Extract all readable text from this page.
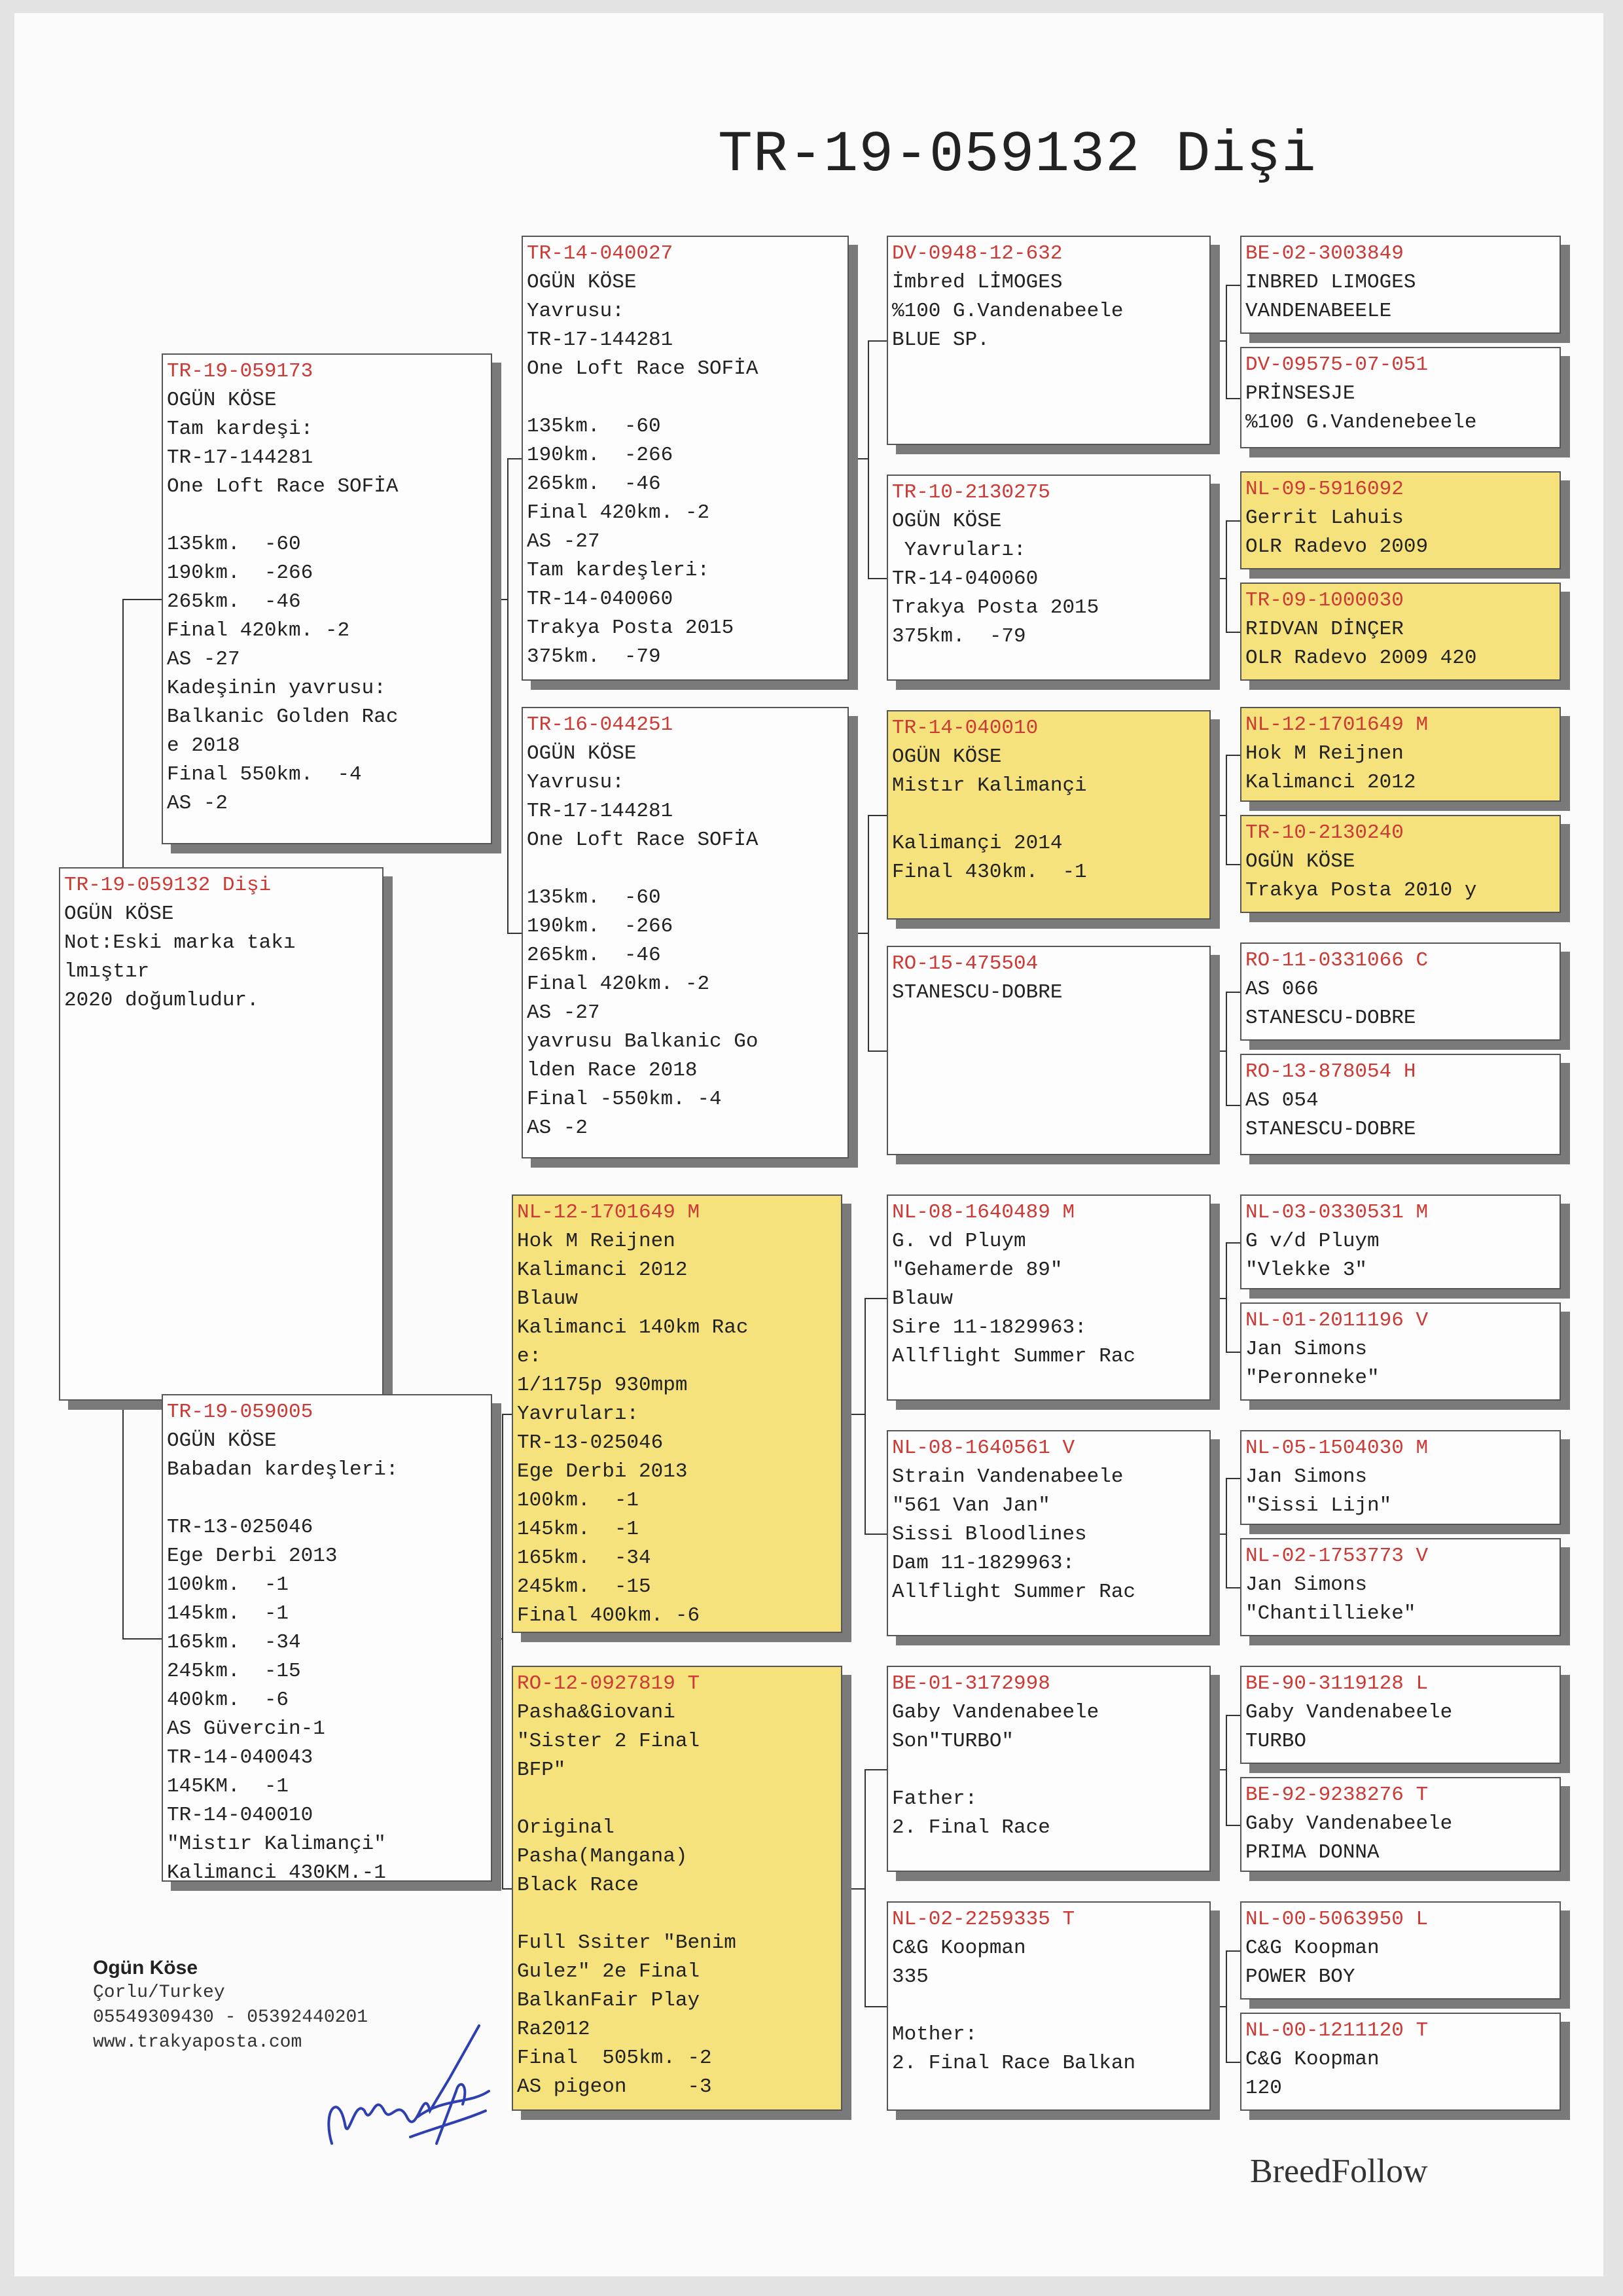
TR-19-059132 Dişi
TR-19-059132 Dişi
OGÜN KÖSE
Not:Eski marka takı
lmıştır
2020 doğumludur.
TR-19-059173
OGÜN KÖSE
Tam kardeşi:
TR-17-144281
One Loft Race SOFİA
135km.  -60
190km.  -266
265km.  -46
Final 420km. -2
AS -27
Kadeşinin yavrusu:
Balkanic Golden Rac
e 2018
Final 550km.  -4
AS -2
TR-19-059005
OGÜN KÖSE
Babadan kardeşleri:
TR-13-025046
Ege Derbi 2013
100km.  -1
145km.  -1
165km.  -34
245km.  -15
400km.  -6
AS Güvercin-1
TR-14-040043
145KM.  -1
TR-14-040010
"Mistır Kalimançi"
Kalimanci 430KM.-1
TR-14-040027
OGÜN KÖSE
Yavrusu:
TR-17-144281
One Loft Race SOFİA
135km.  -60
190km.  -266
265km.  -46
Final 420km. -2
AS -27
Tam kardeşleri:
TR-14-040060
Trakya Posta 2015
375km.  -79
TR-16-044251
OGÜN KÖSE
Yavrusu:
TR-17-144281
One Loft Race SOFİA
135km.  -60
190km.  -266
265km.  -46
Final 420km. -2
AS -27
yavrusu Balkanic Go
lden Race 2018
Final -550km. -4
AS -2
NL-12-1701649 M
Hok M Reijnen
Kalimanci 2012
Blauw
Kalimanci 140km Rac
e:
1/1175p 930mpm
Yavruları:
TR-13-025046
Ege Derbi 2013
100km.  -1
145km.  -1
165km.  -34
245km.  -15
Final 400km. -6
RO-12-0927819 T
Pasha&Giovani
"Sister 2 Final
BFP"
Original
Pasha(Mangana)
Black Race
Full Ssiter "Benim
Gulez" 2e Final
BalkanFair Play
Ra2012
Final  505km. -2
AS pigeon     -3
DV-0948-12-632
İmbred LİMOGES
%100 G.Vandenabeele
BLUE SP.
TR-10-2130275
OGÜN KÖSE
Yavruları:
TR-14-040060
Trakya Posta 2015
375km.  -79
TR-14-040010
OGÜN KÖSE
Mistır Kalimançi
Kalimançi 2014
Final 430km.  -1
RO-15-475504
STANESCU-DOBRE
NL-08-1640489 M
G. vd Pluym
"Gehamerde 89"
Blauw
Sire 11-1829963:
Allflight Summer Rac
NL-08-1640561 V
Strain Vandenabeele
"561 Van Jan"
Sissi Bloodlines
Dam 11-1829963:
Allflight Summer Rac
BE-01-3172998
Gaby Vandenabeele
Son"TURBO"
Father:
2. Final Race
NL-02-2259335 T
C&G Koopman
335
Mother:
2. Final Race Balkan
BE-02-3003849
INBRED LIMOGES
VANDENABEELE
DV-09575-07-051
PRİNSESJE
%100 G.Vandenebeele
NL-09-5916092
Gerrit Lahuis
OLR Radevo 2009
TR-09-1000030
RIDVAN DİNÇER
OLR Radevo 2009 420
NL-12-1701649 M
Hok M Reijnen
Kalimanci 2012
TR-10-2130240
OGÜN KÖSE
Trakya Posta 2010 y
RO-11-0331066 C
AS 066
STANESCU-DOBRE
RO-13-878054 H
AS 054
STANESCU-DOBRE
NL-03-0330531 M
G v/d Pluym
"Vlekke 3"
NL-01-2011196 V
Jan Simons
"Peronneke"
NL-05-1504030 M
Jan Simons
"Sissi Lijn"
NL-02-1753773 V
Jan Simons
"Chantillieke"
BE-90-3119128 L
Gaby Vandenabeele
TURBO
BE-92-9238276 T
Gaby Vandenabeele
PRIMA DONNA
NL-00-5063950 L
C&G Koopman
POWER BOY
NL-00-1211120 T
C&G Koopman
120
Ogün Köse
Çorlu/Turkey
05549309430 - 05392440201
www.trakyaposta.com
BreedFollow
